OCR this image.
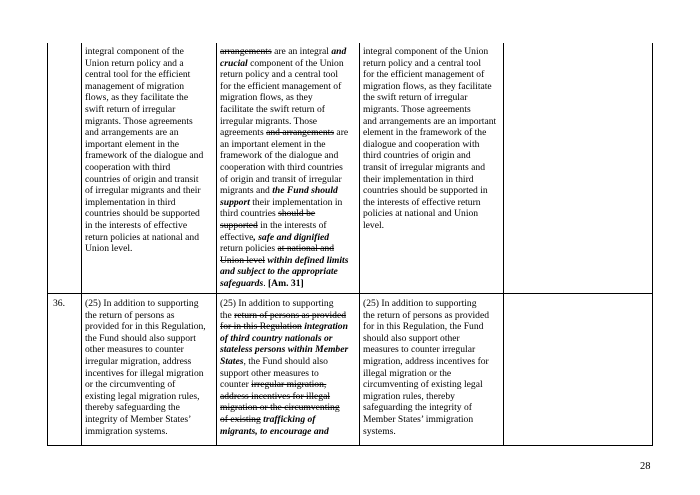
integral component of the
Union return policy and a
central tool for the efficient
management of migration
flows, as they facilitate the
swift return of irregular
migrants. Those agreements
and arrangements are an
important element in the
framework of the dialogue and
cooperation with third
countries of origin and transit
of irregular migrants and their
implementation in third
countries should be supported
in the interests of effective
return policies at national and
Union level.
arrangements are an integral and
crucial component of the Union
return policy and a central tool
for the efficient management of
migration flows, as they
facilitate the swift return of
irregular migrants. Those
agreements and arrangements are
an important element in the
framework of the dialogue and
cooperation with third countries
of origin and transit of irregular
migrants and the Fund should
support their implementation in
third countries should be
supported in the interests of
effective, safe and dignified
return policies at national and
Union level within defined limits
and subject to the appropriate
safeguards. [Am. 31]
integral component of the Union
return policy and a central tool
for the efficient management of
migration flows, as they facilitate
the swift return of irregular
migrants. Those agreements
and arrangements are an important
element in the framework of the
dialogue and cooperation with
third countries of origin and
transit of irregular migrants and
their implementation in third
countries should be supported in
the interests of effective return
policies at national and Union
level.
36. (25) In addition to supporting
the return of persons as
provided for in this Regulation,
the Fund should also support
other measures to counter
irregular migration, address
incentives for illegal migration
or the circumventing of
existing legal migration rules,
thereby safeguarding the
integrity of Member States’
immigration systems.
(25) In addition to supporting
the return of persons as provided
for in this Regulation integration
of third country nationals or
stateless persons within Member
States, the Fund should also
support other measures to
counter irregular migration,
address incentives for illegal
migration or the circumventing
of existing trafficking of
migrants, to encourage and
(25) In addition to supporting
the return of persons as provided
for in this Regulation, the Fund
should also support other
measures to counter irregular
migration, address incentives for
illegal migration or the
circumventing of existing legal
migration rules, thereby
safeguarding the integrity of
Member States’ immigration
systems.
28
